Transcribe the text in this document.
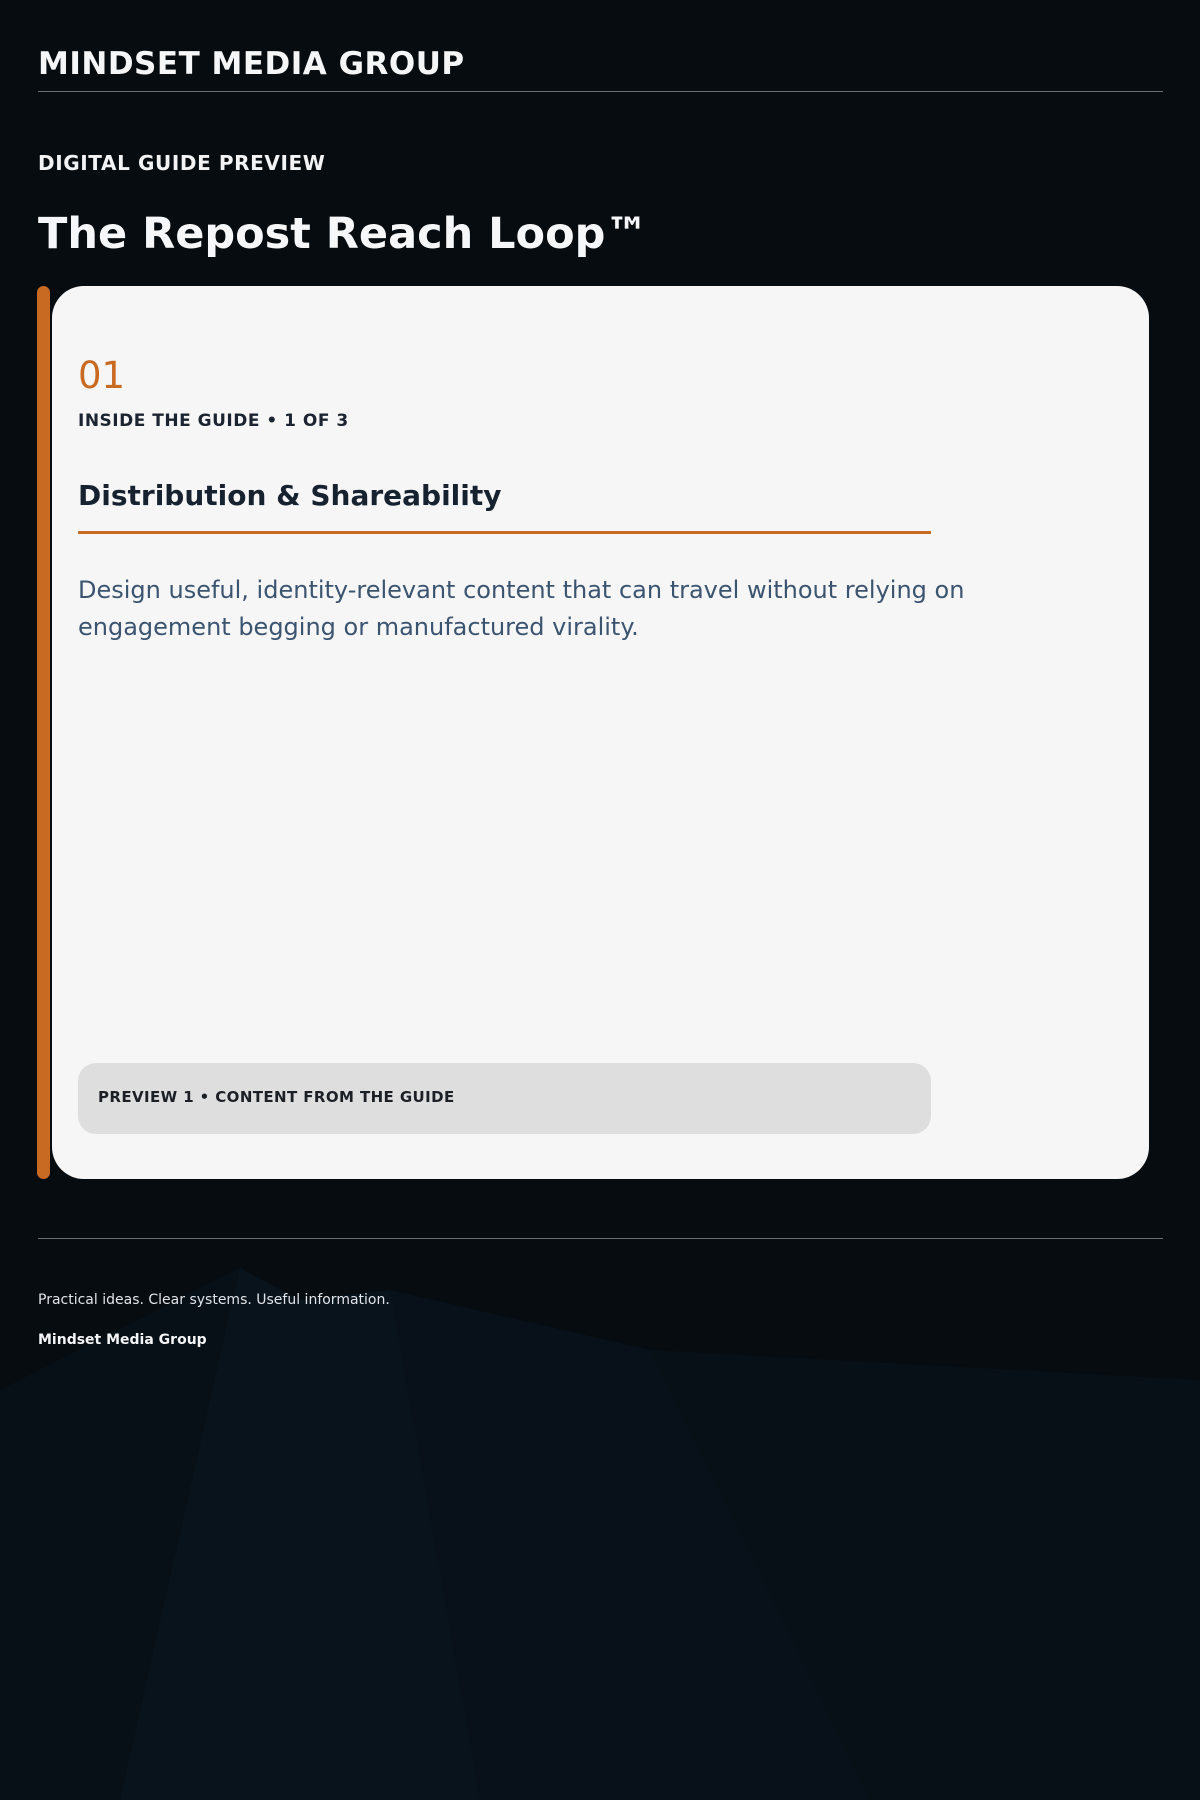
MINDSET MEDIA GROUP
DIGITAL GUIDE PREVIEW
The Repost Reach Loop™
01
INSIDE THE GUIDE • 1 OF 3
Distribution & Shareability
Design useful, identity-relevant content that can travel without relying on engagement begging or manufactured virality.
PREVIEW 1 • CONTENT FROM THE GUIDE
Practical ideas. Clear systems. Useful information.
Mindset Media Group
